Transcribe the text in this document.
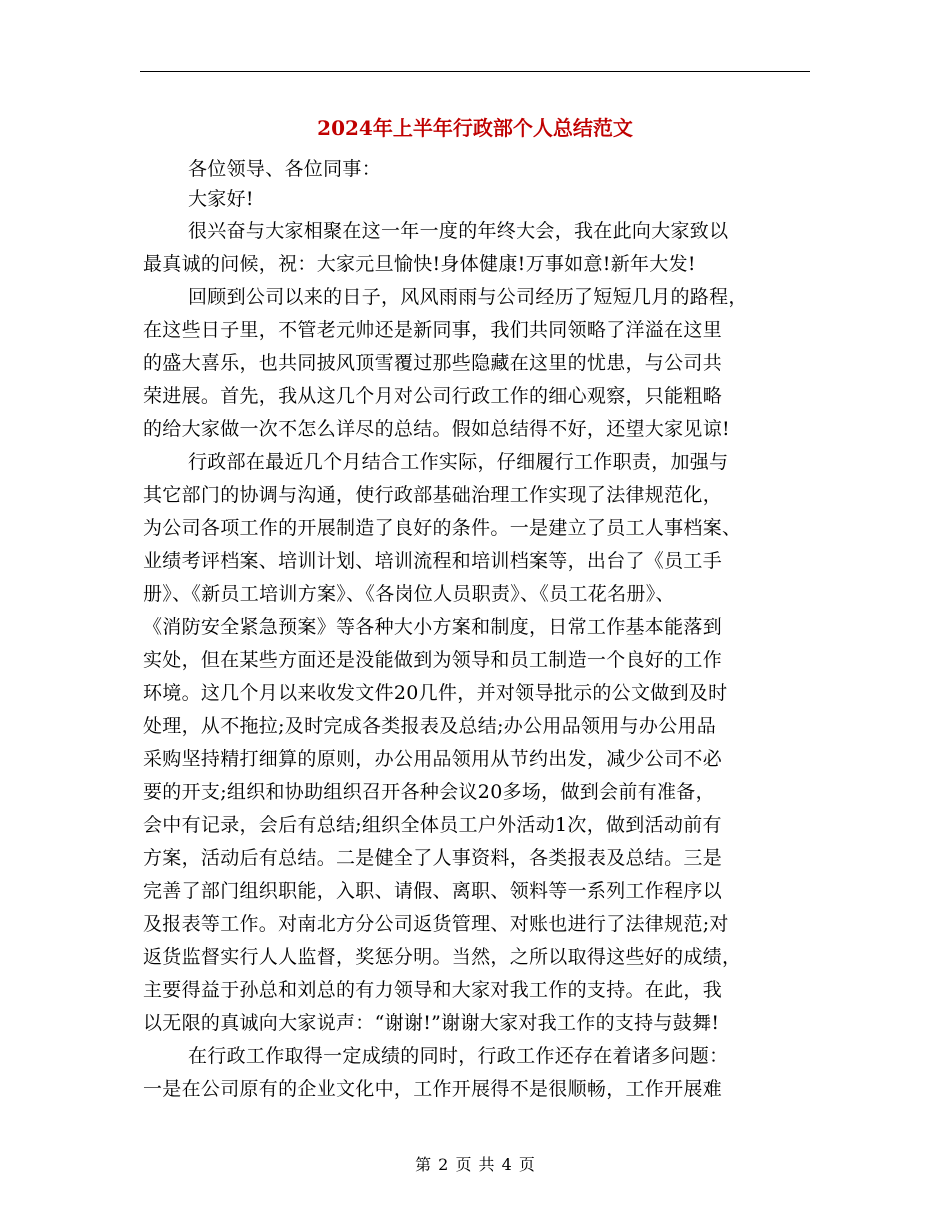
2024年上半年行政部个人总结范文
各位领导、各位同事：
大家好!
很兴奋与大家相聚在这一年一度的年终大会，我在此向大家致以
最真诚的问候，祝：大家元旦愉快!身体健康!万事如意!新年大发!
回顾到公司以来的日子，风风雨雨与公司经历了短短几月的路程，
在这些日子里，不管老元帅还是新同事，我们共同领略了洋溢在这里
的盛大喜乐，也共同披风顶雪覆过那些隐藏在这里的忧患，与公司共
荣进展。首先，我从这几个月对公司行政工作的细心观察，只能粗略
的给大家做一次不怎么详尽的总结。假如总结得不好，还望大家见谅!
行政部在最近几个月结合工作实际，仔细履行工作职责，加强与
其它部门的协调与沟通，使行政部基础治理工作实现了法律规范化，
为公司各项工作的开展制造了良好的条件。一是建立了员工人事档案、
业绩考评档案、培训计划、培训流程和培训档案等，出台了《员工手
册》、《新员工培训方案》、《各岗位人员职责》、《员工花名册》、
《消防安全紧急预案》等各种大小方案和制度，日常工作基本能落到
实处，但在某些方面还是没能做到为领导和员工制造一个良好的工作
环境。这几个月以来收发文件20几件，并对领导批示的公文做到及时
处理，从不拖拉;及时完成各类报表及总结;办公用品领用与办公用品
采购坚持精打细算的原则，办公用品领用从节约出发，减少公司不必
要的开支;组织和协助组织召开各种会议20多场，做到会前有准备，
会中有记录，会后有总结;组织全体员工户外活动1次，做到活动前有
方案，活动后有总结。二是健全了人事资料，各类报表及总结。三是
完善了部门组织职能，入职、请假、离职、领料等一系列工作程序以
及报表等工作。对南北方分公司返货管理、对账也进行了法律规范;对
返货监督实行人人监督，奖惩分明。当然，之所以取得这些好的成绩，
主要得益于孙总和刘总的有力领导和大家对我工作的支持。在此，我
以无限的真诚向大家说声：“谢谢!”谢谢大家对我工作的支持与鼓舞!
在行政工作取得一定成绩的同时，行政工作还存在着诸多问题：
一是在公司原有的企业文化中，工作开展得不是很顺畅，工作开展难
第 2 页 共 4 页
